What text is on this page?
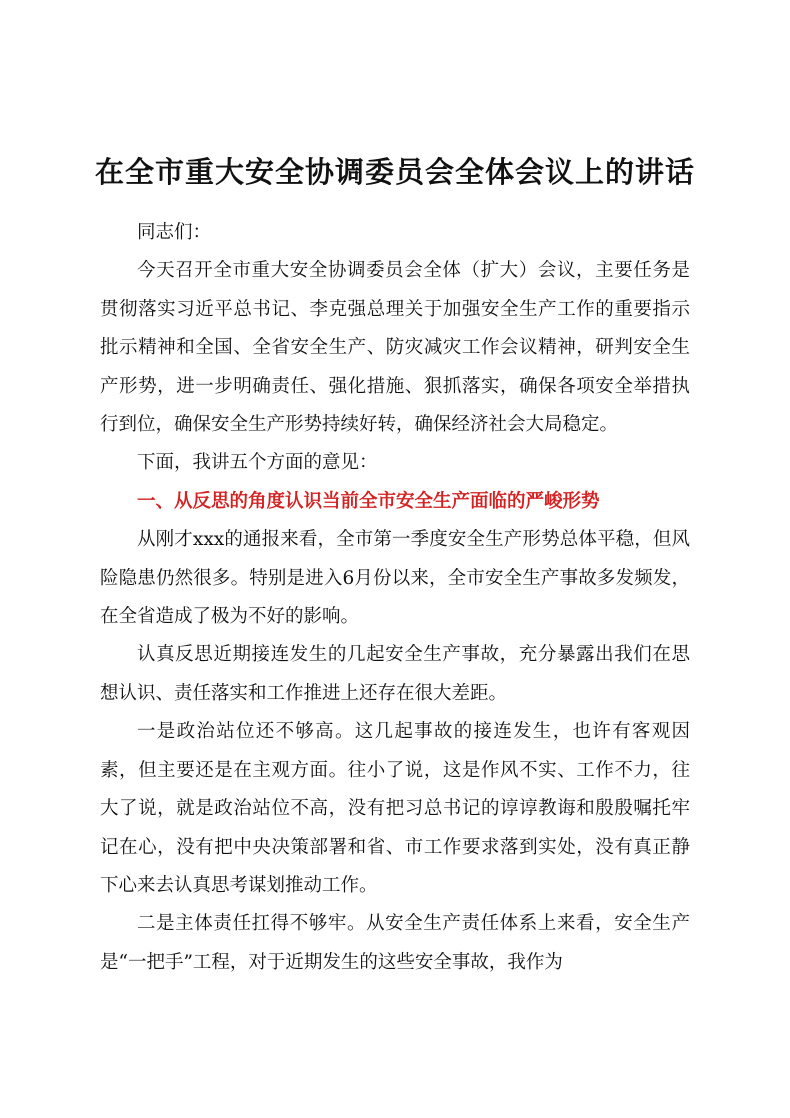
在全市重大安全协调委员会全体会议上的讲话

同志们：

今天召开全市重大安全协调委员会全体（扩大）会议，主要任务是贯彻落实习近平总书记、李克强总理关于加强安全生产工作的重要指示批示精神和全国、全省安全生产、防灾减灾工作会议精神，研判安全生产形势，进一步明确责任、强化措施、狠抓落实，确保各项安全举措执行到位，确保安全生产形势持续好转，确保经济社会大局稳定。

下面，我讲五个方面的意见：

一、从反思的角度认识当前全市安全生产面临的严峻形势

从刚才xxx的通报来看，全市第一季度安全生产形势总体平稳，但风险隐患仍然很多。特别是进入6月份以来，全市安全生产事故多发频发，在全省造成了极为不好的影响。

认真反思近期接连发生的几起安全生产事故，充分暴露出我们在思想认识、责任落实和工作推进上还存在很大差距。

一是政治站位还不够高。这几起事故的接连发生，也许有客观因素，但主要还是在主观方面。往小了说，这是作风不实、工作不力，往大了说，就是政治站位不高，没有把习总书记的谆谆教诲和殷殷嘱托牢记在心，没有把中央决策部署和省、市工作要求落到实处，没有真正静下心来去认真思考谋划推动工作。

二是主体责任扛得不够牢。从安全生产责任体系上来看，安全生产是“一把手”工程，对于近期发生的这些安全事故，我作为
